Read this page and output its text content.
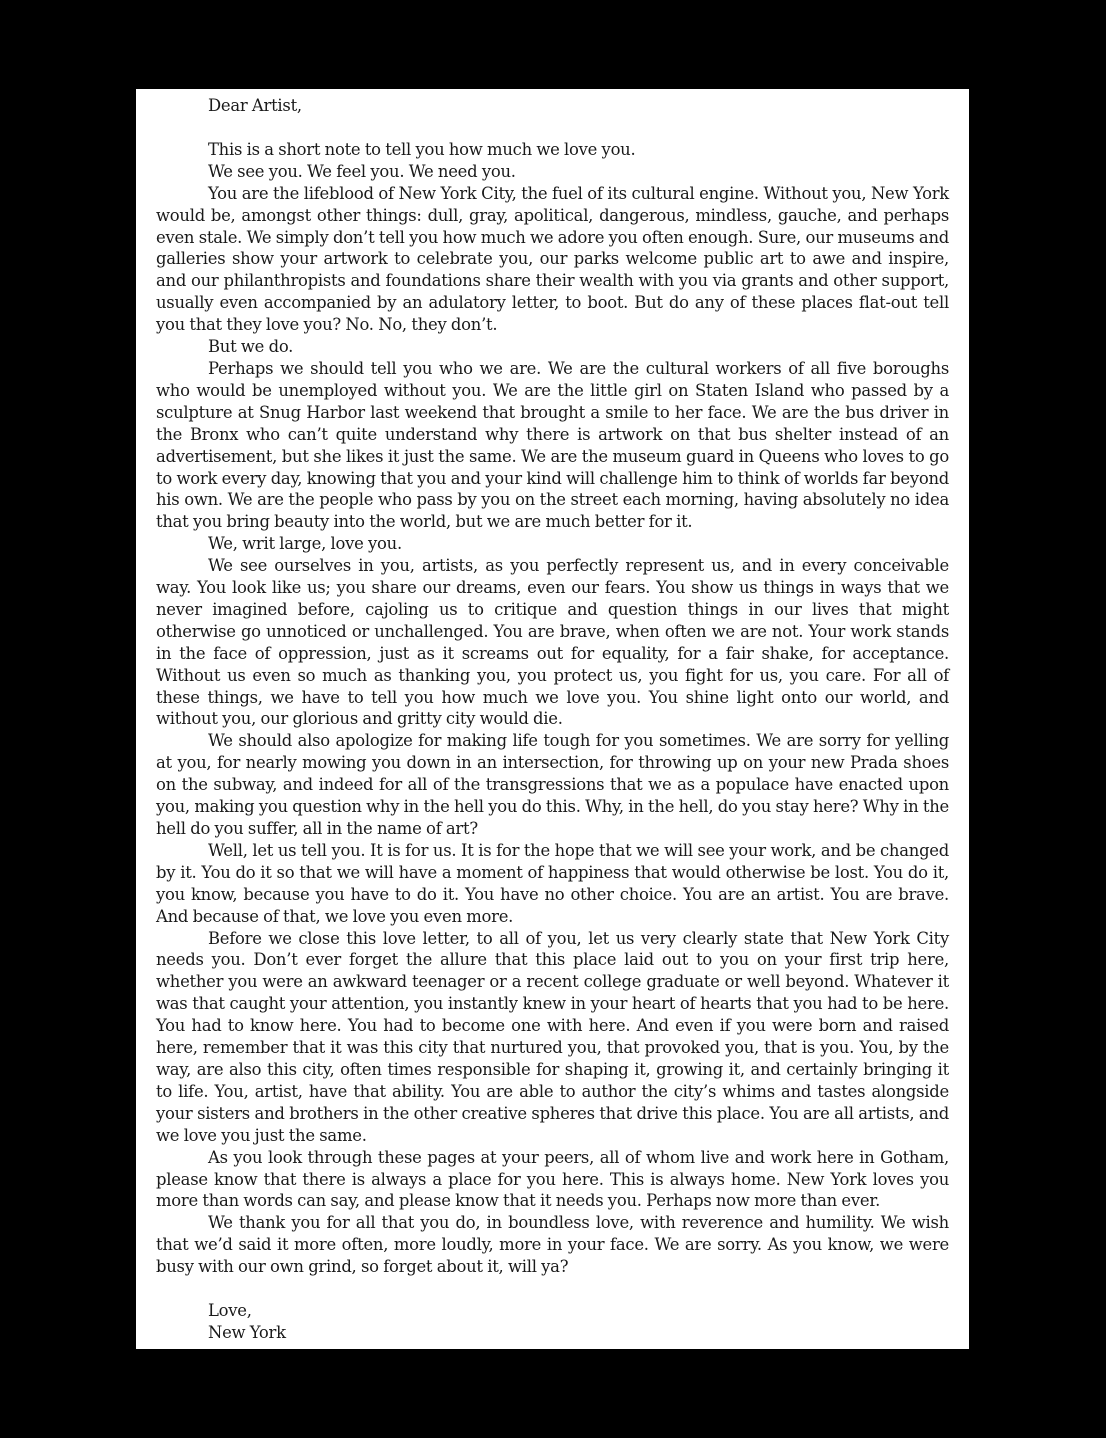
Dear Artist,

This is a short note to tell you how much we love you.

We see you. We feel you. We need you.

You are the lifeblood of New York City, the fuel of its cultural engine. Without you, New York would be, amongst other things: dull, gray, apolitical, dangerous, mindless, gauche, and perhaps even stale. We simply don’t tell you how much we adore you often enough. Sure, our museums and galleries show your artwork to celebrate you, our parks welcome public art to awe and inspire, and our philanthropists and foundations share their wealth with you via grants and other support, usually even accompanied by an adulatory letter, to boot. But do any of these places flat-out tell you that they love you? No. No, they don’t.

But we do.

Perhaps we should tell you who we are. We are the cultural workers of all five boroughs who would be unemployed without you. We are the little girl on Staten Island who passed by a sculpture at Snug Harbor last weekend that brought a smile to her face. We are the bus driver in the Bronx who can’t quite understand why there is artwork on that bus shelter instead of an advertisement, but she likes it just the same. We are the museum guard in Queens who loves to go to work every day, knowing that you and your kind will challenge him to think of worlds far beyond his own. We are the people who pass by you on the street each morning, having absolutely no idea that you bring beauty into the world, but we are much better for it.

We, writ large, love you.

We see ourselves in you, artists, as you perfectly represent us, and in every conceivable way. You look like us; you share our dreams, even our fears. You show us things in ways that we never imagined before, cajoling us to critique and question things in our lives that might otherwise go unnoticed or unchallenged. You are brave, when often we are not. Your work stands in the face of oppression, just as it screams out for equality, for a fair shake, for acceptance. Without us even so much as thanking you, you protect us, you fight for us, you care. For all of these things, we have to tell you how much we love you. You shine light onto our world, and without you, our glorious and gritty city would die.

We should also apologize for making life tough for you sometimes. We are sorry for yelling at you, for nearly mowing you down in an intersection, for throwing up on your new Prada shoes on the subway, and indeed for all of the transgressions that we as a populace have enacted upon you, making you question why in the hell you do this. Why, in the hell, do you stay here? Why in the hell do you suffer, all in the name of art?

Well, let us tell you. It is for us. It is for the hope that we will see your work, and be changed by it. You do it so that we will have a moment of happiness that would otherwise be lost. You do it, you know, because you have to do it. You have no other choice. You are an artist. You are brave. And because of that, we love you even more.

Before we close this love letter, to all of you, let us very clearly state that New York City needs you. Don’t ever forget the allure that this place laid out to you on your first trip here, whether you were an awkward teenager or a recent college graduate or well beyond. Whatever it was that caught your attention, you instantly knew in your heart of hearts that you had to be here. You had to know here. You had to become one with here. And even if you were born and raised here, remember that it was this city that nurtured you, that provoked you, that is you. You, by the way, are also this city, often times responsible for shaping it, growing it, and certainly bringing it to life. You, artist, have that ability. You are able to author the city’s whims and tastes alongside your sisters and brothers in the other creative spheres that drive this place. You are all artists, and we love you just the same.

As you look through these pages at your peers, all of whom live and work here in Gotham, please know that there is always a place for you here. This is always home. New York loves you more than words can say, and please know that it needs you. Perhaps now more than ever.

We thank you for all that you do, in boundless love, with reverence and humility. We wish that we’d said it more often, more loudly, more in your face. We are sorry. As you know, we were busy with our own grind, so forget about it, will ya?

Love,

New York
